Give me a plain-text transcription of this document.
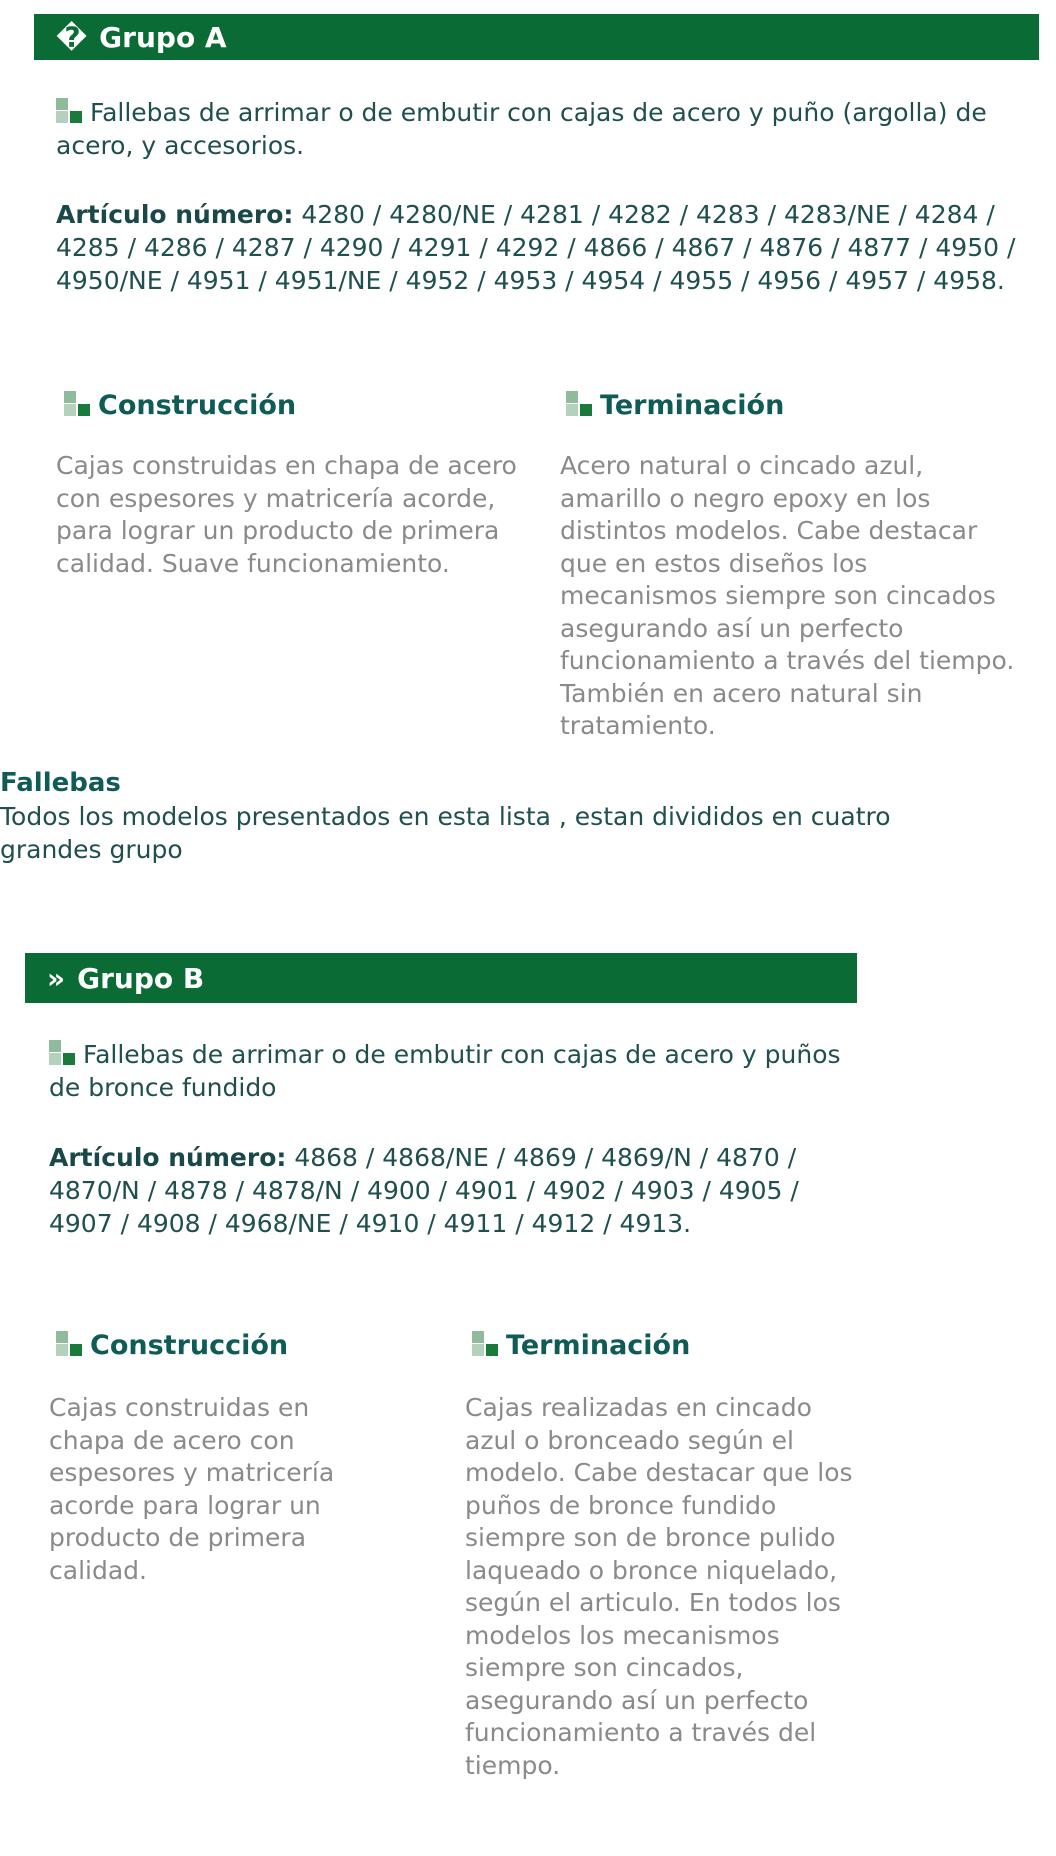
� Grupo A
Fallebas de arrimar o de embutir con cajas de acero y puño (argolla) de acero, y accesorios.
Artículo número: 4280 / 4280/NE / 4281 / 4282 / 4283 / 4283/NE / 4284 / 4285 / 4286 / 4287 / 4290 / 4291 / 4292 / 4866 / 4867 / 4876 / 4877 / 4950 / 4950/NE / 4951 / 4951/NE / 4952 / 4953 / 4954 / 4955 / 4956 / 4957 / 4958.
Construcción
Cajas construidas en chapa de acero con espesores y matricería acorde, para lograr un producto de primera calidad. Suave funcionamiento.
Terminación
Acero natural o cincado azul, amarillo o negro epoxy en los distintos modelos. Cabe destacar que en estos diseños los mecanismos siempre son cincados asegurando así un perfecto funcionamiento a través del tiempo. También en acero natural sin tratamiento.
Fallebas
Todos los modelos presentados en esta lista , estan divididos en cuatro grandes grupo
» Grupo B
Fallebas de arrimar o de embutir con cajas de acero y puños de bronce fundido
Artículo número: 4868 / 4868/NE / 4869 / 4869/N / 4870 / 4870/N / 4878 / 4878/N / 4900 / 4901 / 4902 / 4903 / 4905 / 4907 / 4908 / 4968/NE / 4910 / 4911 / 4912 / 4913.
Construcción
Cajas construidas en chapa de acero con espesores y matricería acorde para lograr un producto de primera calidad.
Terminación
Cajas realizadas en cincado azul o bronceado según el modelo. Cabe destacar que los puños de bronce fundido siempre son de bronce pulido laqueado o bronce niquelado, según el articulo. En todos los modelos los mecanismos siempre son cincados, asegurando así un perfecto funcionamiento a través del tiempo.
